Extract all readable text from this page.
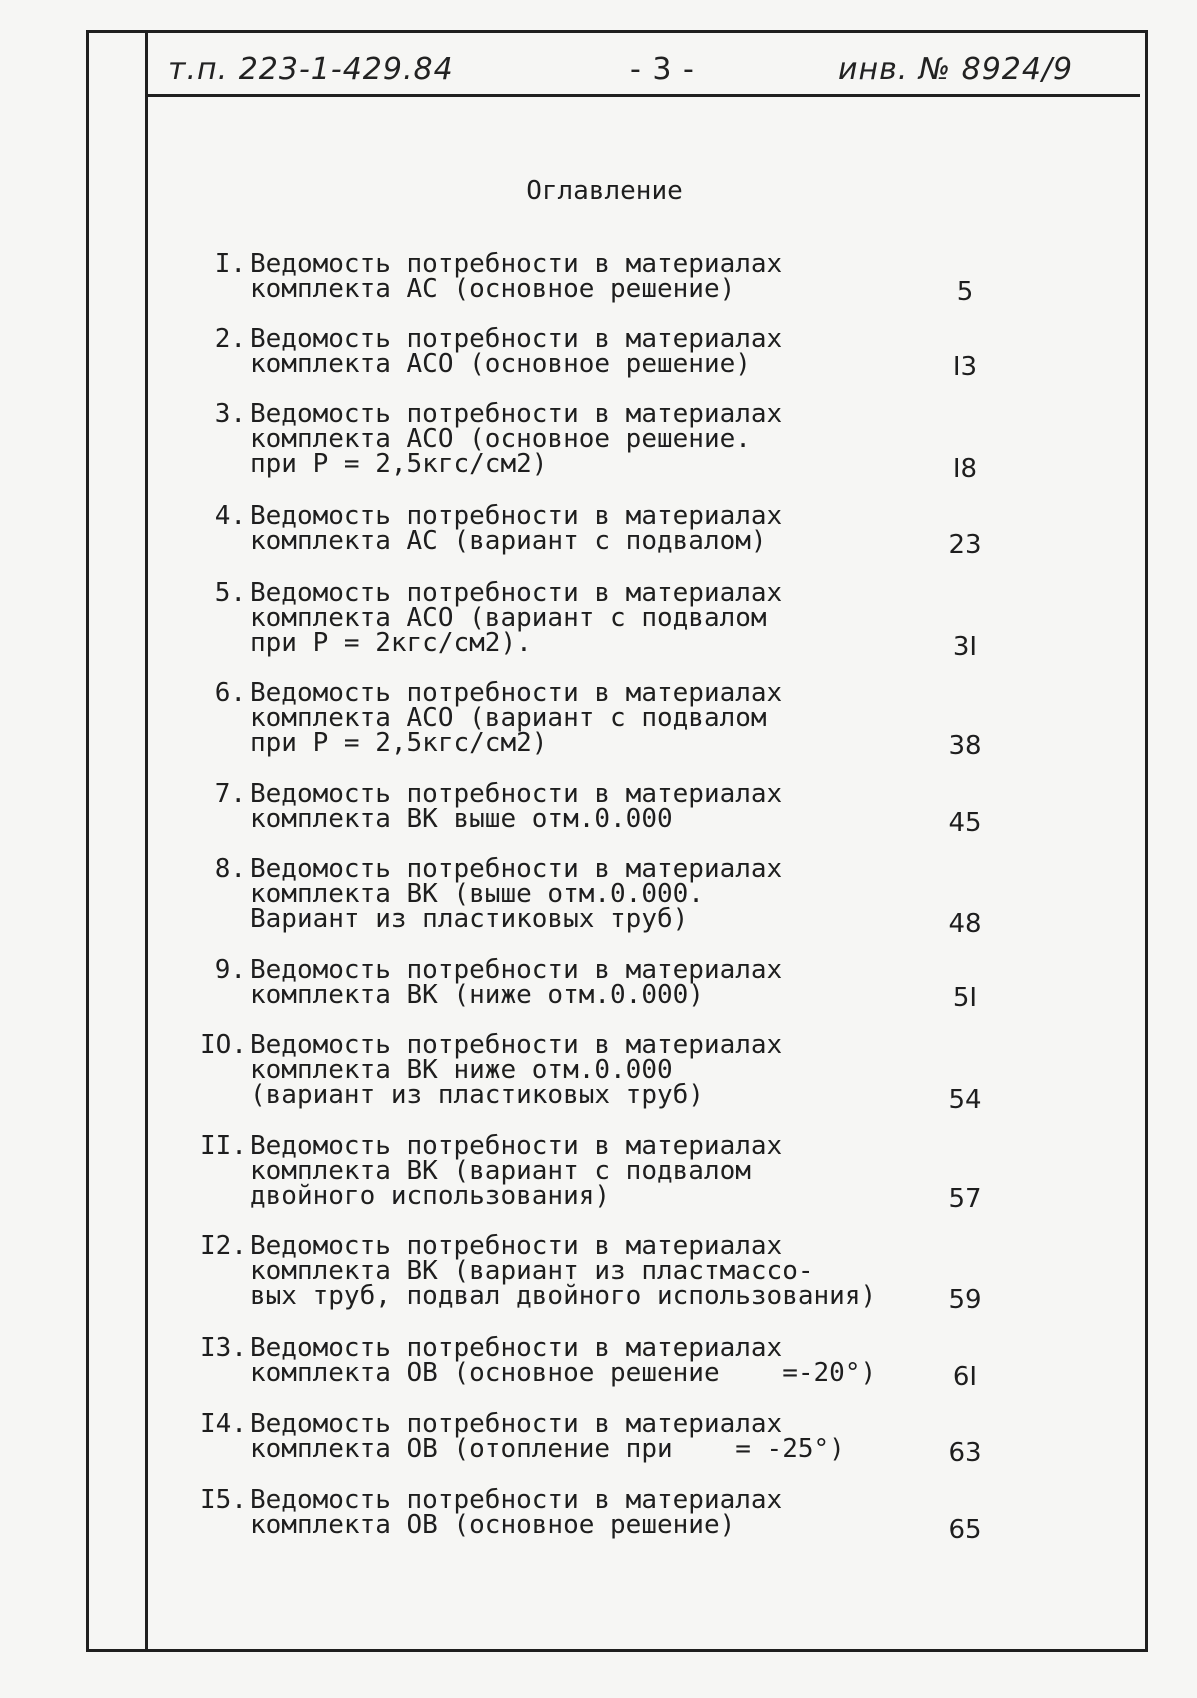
т.п. 223-1-429.84	- 3 -	инв. № 8924/9
Оглавление
I. Ведомость потребности в материалах
комплекта АС (основное решение)	5
2. Ведомость потребности в материалах
комплекта АСО (основное решение)	I3
3. Ведомость потребности в материалах
комплекта АСО (основное решение.
при Р = 2,5кгс/см2)	I8
4. Ведомость потребности в материалах
комплекта АС (вариант с подвалом)	23
5. Ведомость потребности в материалах
комплекта АСО (вариант с подвалом
при Р = 2кгс/см2).	3I
6. Ведомость потребности в материалах
комплекта АСО (вариант с подвалом
при Р = 2,5кгс/см2)	38
7. Ведомость потребности в материалах
комплекта ВК выше отм.0.000	45
8. Ведомость потребности в материалах
комплекта ВК (выше отм.0.000.
Вариант из пластиковых труб)	48
9. Ведомость потребности в материалах
комплекта ВК (ниже отм.0.000)	5I
IO. Ведомость потребности в материалах
комплекта ВК ниже отм.0.000
(вариант из пластиковых труб)	54
II. Ведомость потребности в материалах
комплекта ВК (вариант с подвалом
двойного использования)	57
I2. Ведомость потребности в материалах
комплекта ВК (вариант из пластмассо-
вых труб, подвал двойного использования)	59
I3. Ведомость потребности в материалах
комплекта ОВ (основное решение    =-20°)	6I
I4. Ведомость потребности в материалах
комплекта ОВ (отопление при    = -25°)	63
I5. Ведомость потребности в материалах
комплекта ОВ (основное решение)	65
